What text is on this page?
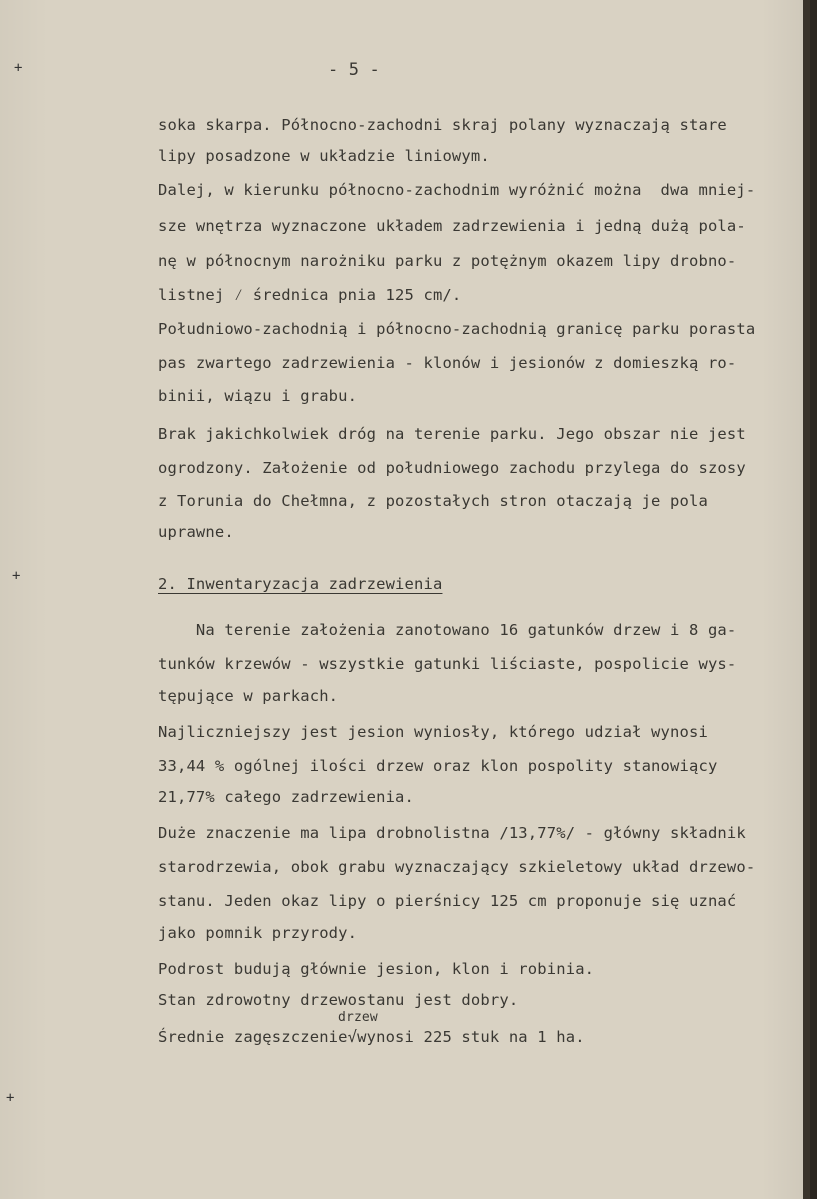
+
+
+
- 5 -
soka skarpa. Północno-zachodni skraj polany wyznaczają stare
lipy posadzone w układzie liniowym.
Dalej, w kierunku północno-zachodnim wyróżnić można  dwa mniej-
sze wnętrza wyznaczone układem zadrzewienia i jedną dużą pola-
nę w północnym narożniku parku z potężnym okazem lipy drobno-
listnej ⁄ średnica pnia 125 cm/.
Południowo-zachodnią i północno-zachodnią granicę parku porasta
pas zwartego zadrzewienia - klonów i jesionów z domieszką ro-
binii, wiązu i grabu.
Brak jakichkolwiek dróg na terenie parku. Jego obszar nie jest
ogrodzony. Założenie od południowego zachodu przylega do szosy
z Torunia do Chełmna, z pozostałych stron otaczają je pola
uprawne.
2. Inwentaryzacja zadrzewienia
Na terenie założenia zanotowano 16 gatunków drzew i 8 ga-
tunków krzewów - wszystkie gatunki liściaste, pospolicie wys-
tępujące w parkach.
Najliczniejszy jest jesion wyniosły, którego udział wynosi
33,44 % ogólnej ilości drzew oraz klon pospolity stanowiący
21,77% całego zadrzewienia.
Duże znaczenie ma lipa drobnolistna /13,77%/ - główny składnik
starodrzewia, obok grabu wyznaczający szkieletowy układ drzewo-
stanu. Jeden okaz lipy o pierśnicy 125 cm proponuje się uznać
jako pomnik przyrody.
Podrost budują głównie jesion, klon i robinia.
Stan zdrowotny drzewostanu jest dobry.
drzew
Średnie zagęszczenie√wynosi 225 stuk na 1 ha.
